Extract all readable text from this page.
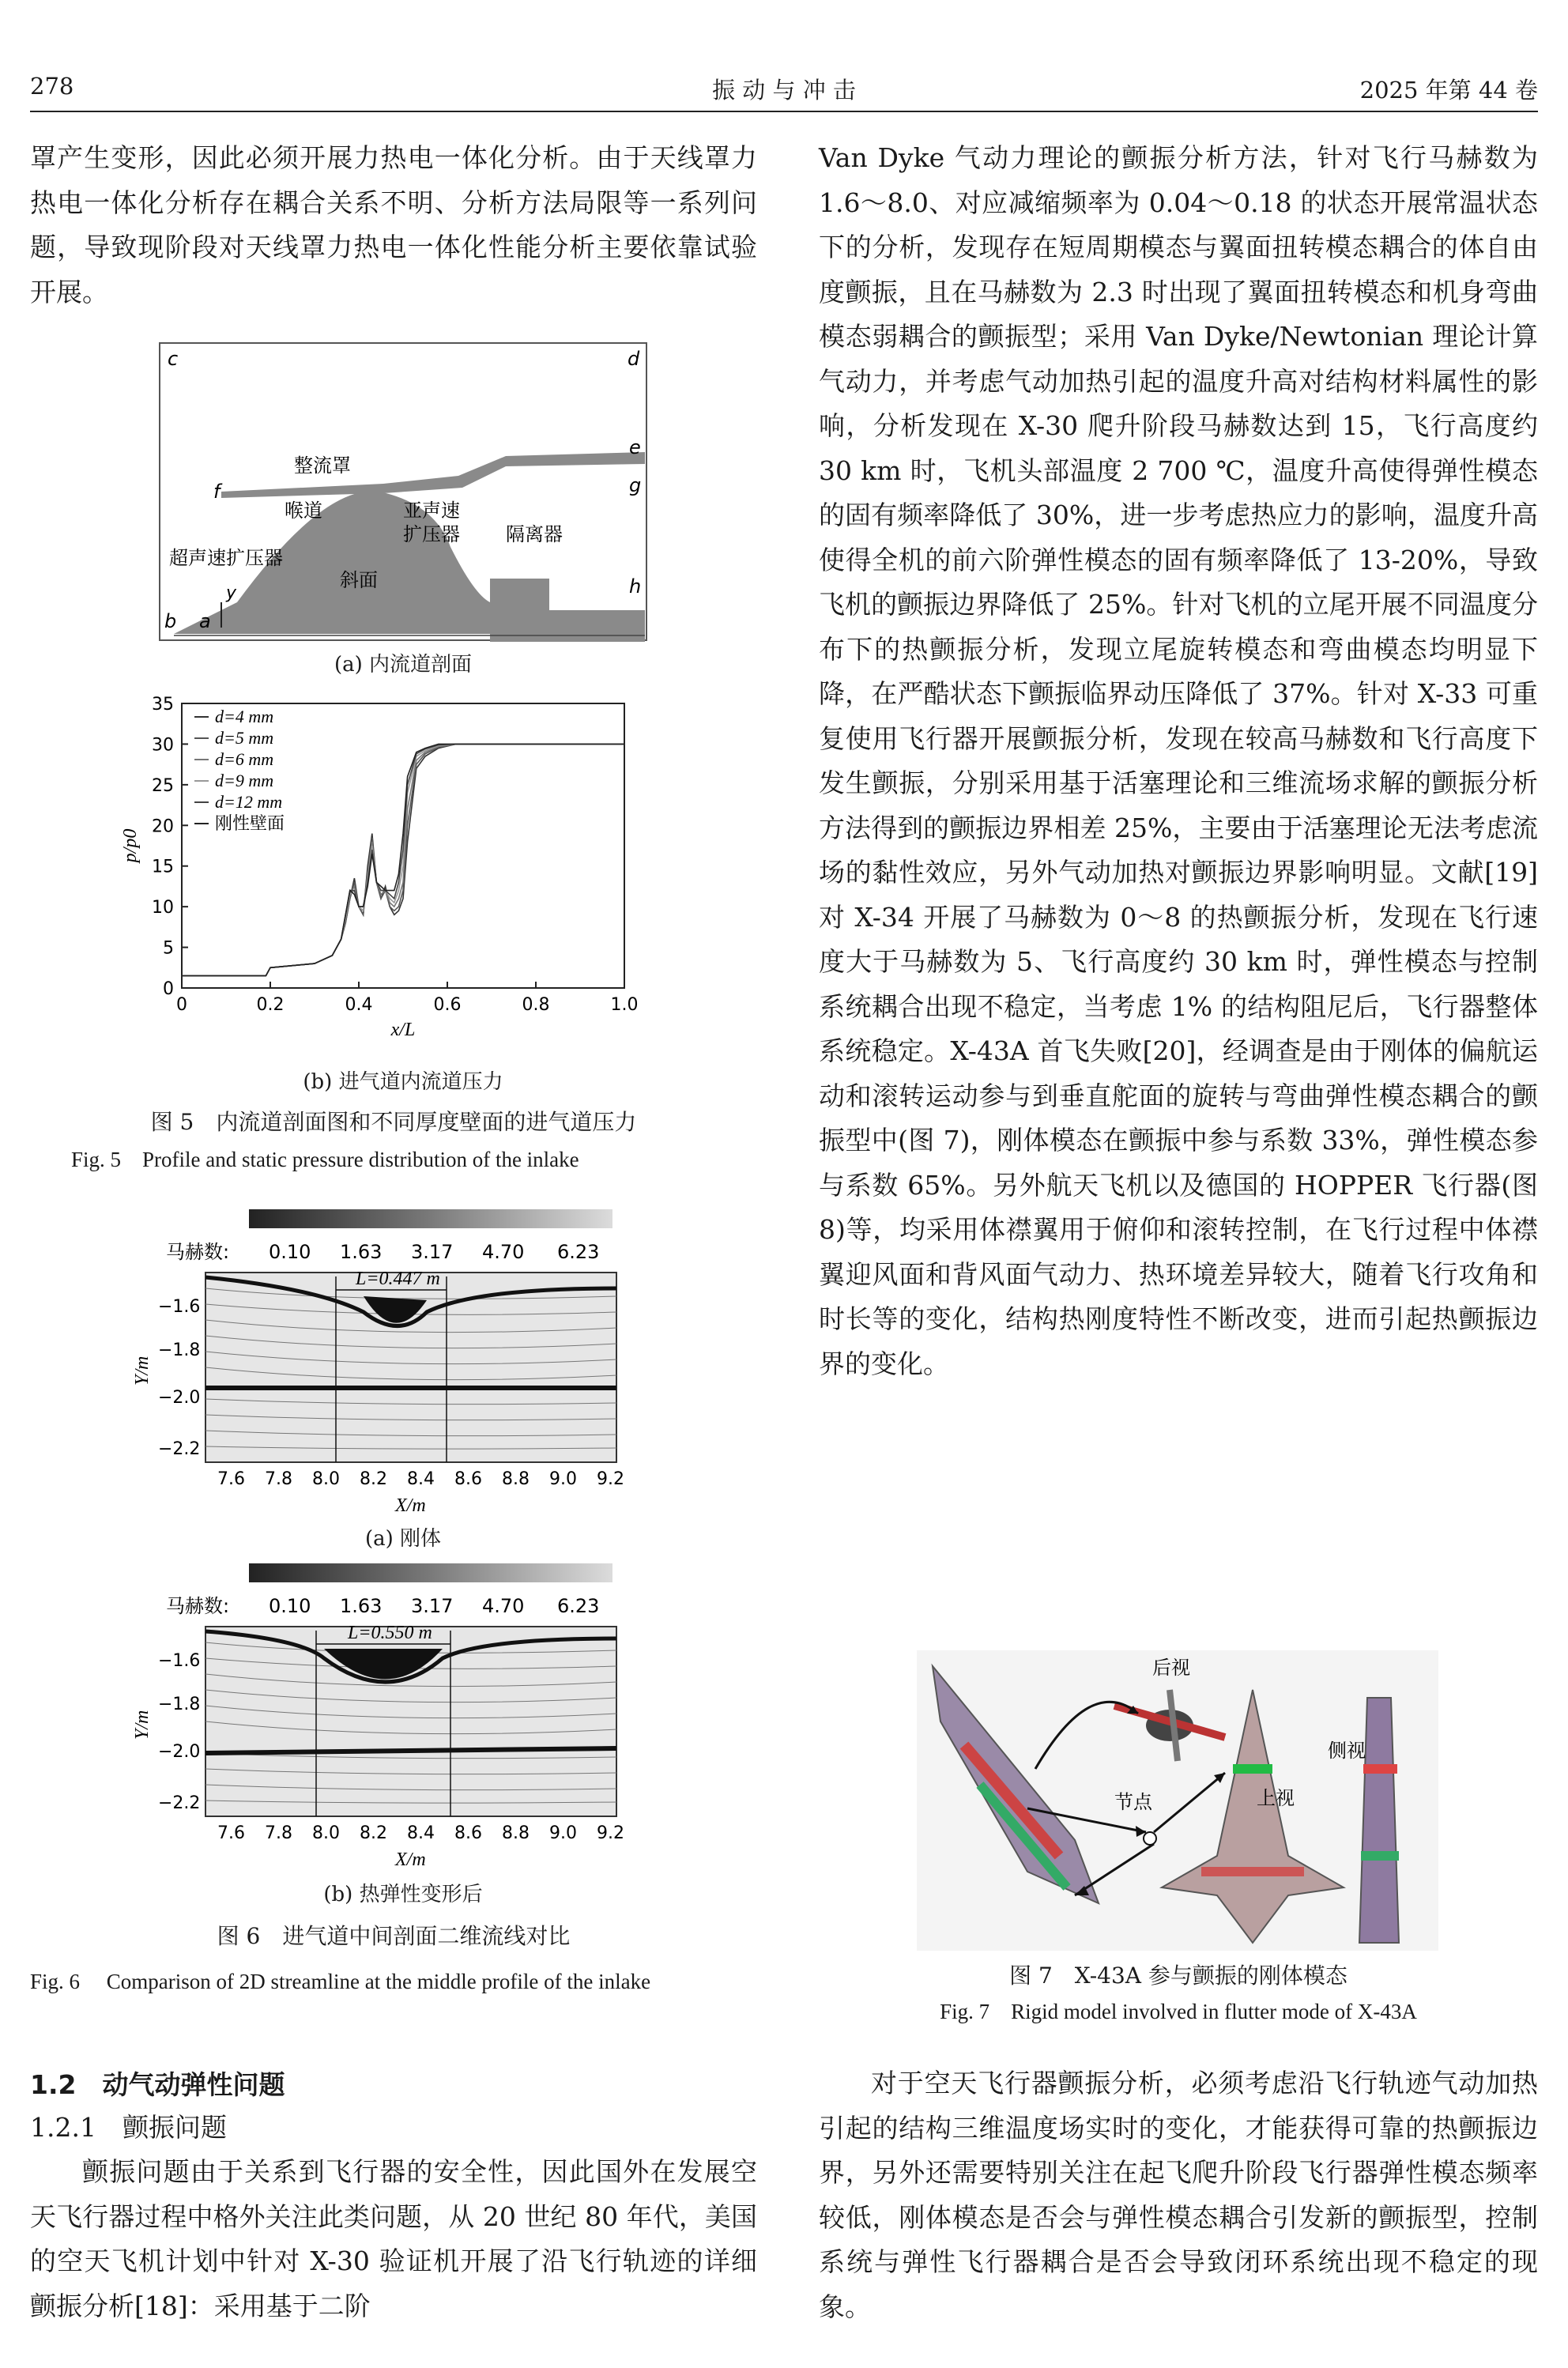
278	振 动 与 冲 击	2025 年第 44 卷

罩产生变形，因此必须开展力热电一体化分析。由于天线罩力热电一体化分析存在耦合关系不明、分析方法局限等一系列问题，导致现阶段对天线罩力热电一体化性能分析主要依靠试验开展。

c	d
e
g
f
h
b a
y
整流罩
喉道	亚声速
扩压器 隔离器
超声速扩压器
斜面
(a) 内流道剖面
0	0.2	0.4	0.6	0.8	1.0
0
5
10
15
20
25
30
35
x/L
p/p0
d=4 mm
d=5 mm
d=6 mm
d=9 mm
d=12 mm
刚性壁面
(b) 进气道内流道压力
图 5　内流道剖面图和不同厚度壁面的进气道压力
Fig. 5 Profile and static pressure distribution of the inlake
马赫数: 0.10 1.63 3.17 4.70 6.23
L=0.447 m
−1.6
−1.8
−2.0
−2.2
Y/m
7.6 7.8 8.0 8.2 8.4 8.6 8.8 9.0 9.2
X/m
(a) 刚体
马赫数: 0.10 1.63 3.17 4.70 6.23
L=0.550 m
−1.6
−1.8
−2.0
−2.2
Y/m
7.6 7.8 8.0 8.2 8.4 8.6 8.8 9.0 9.2
X/m
(b) 热弹性变形后
图 6　进气道中间剖面二维流线对比
Fig. 6 Comparison of 2D streamline at the middle profile of the inlake
1.2　动气动弹性问题
1.2.1　颤振问题

颤振问题由于关系到飞行器的安全性，因此国外在发展空天飞行器过程中格外关注此类问题，从 20 世纪 80 年代，美国的空天飞机计划中针对 X-30 验证机开展了沿飞行轨迹的详细颤振分析[18]：采用基于二阶

Van Dyke 气动力理论的颤振分析方法，针对飞行马赫数为 1.6～8.0、对应减缩频率为 0.04～0.18 的状态开展常温状态下的分析，发现存在短周期模态与翼面扭转模态耦合的体自由度颤振，且在马赫数为 2.3 时出现了翼面扭转模态和机身弯曲模态弱耦合的颤振型；采用 Van Dyke/Newtonian 理论计算气动力，并考虑气动加热引起的温度升高对结构材料属性的影响，分析发现在 X-30 爬升阶段马赫数达到 15，飞行高度约 30 km 时，飞机头部温度 2 700 ℃，温度升高使得弹性模态的固有频率降低了 30%，进一步考虑热应力的影响，温度升高使得全机的前六阶弹性模态的固有频率降低了 13-20%，导致飞机的颤振边界降低了 25%。针对飞机的立尾开展不同温度分布下的热颤振分析，发现立尾旋转模态和弯曲模态均明显下降，在严酷状态下颤振临界动压降低了 37%。针对 X-33 可重复使用飞行器开展颤振分析，发现在较高马赫数和飞行高度下发生颤振，分别采用基于活塞理论和三维流场求解的颤振分析方法得到的颤振边界相差 25%，主要由于活塞理论无法考虑流场的黏性效应，另外气动加热对颤振边界影响明显。文献[19]对 X-34 开展了马赫数为 0～8 的热颤振分析，发现在飞行速度大于马赫数为 5、飞行高度约 30 km 时，弹性模态与控制系统耦合出现不稳定，当考虑 1% 的结构阻尼后，飞行器整体系统稳定。X-43A 首飞失败[20]，经调查是由于刚体的偏航运动和滚转运动参与到垂直舵面的旋转与弯曲弹性模态耦合的颤振型中(图 7)，刚体模态在颤振中参与系数 33%，弹性模态参与系数 65%。另外航天飞机以及德国的 HOPPER 飞行器(图 8)等，均采用体襟翼用于俯仰和滚转控制，在飞行过程中体襟翼迎风面和背风面气动力、热环境差异较大，随着飞行攻角和时长等的变化，结构热刚度特性不断改变，进而引起热颤振边界的变化。

后视
侧视
节点	上视
图 7　X-43A 参与颤振的刚体模态
Fig. 7 Rigid model involved in flutter mode of X-43A

对于空天飞行器颤振分析，必须考虑沿飞行轨迹气动加热引起的结构三维温度场实时的变化，才能获得可靠的热颤振边界，另外还需要特别关注在起飞爬升阶段飞行器弹性模态频率较低，刚体模态是否会与弹性模态耦合引发新的颤振型，控制系统与弹性飞行器耦合是否会导致闭环系统出现不稳定的现象。
